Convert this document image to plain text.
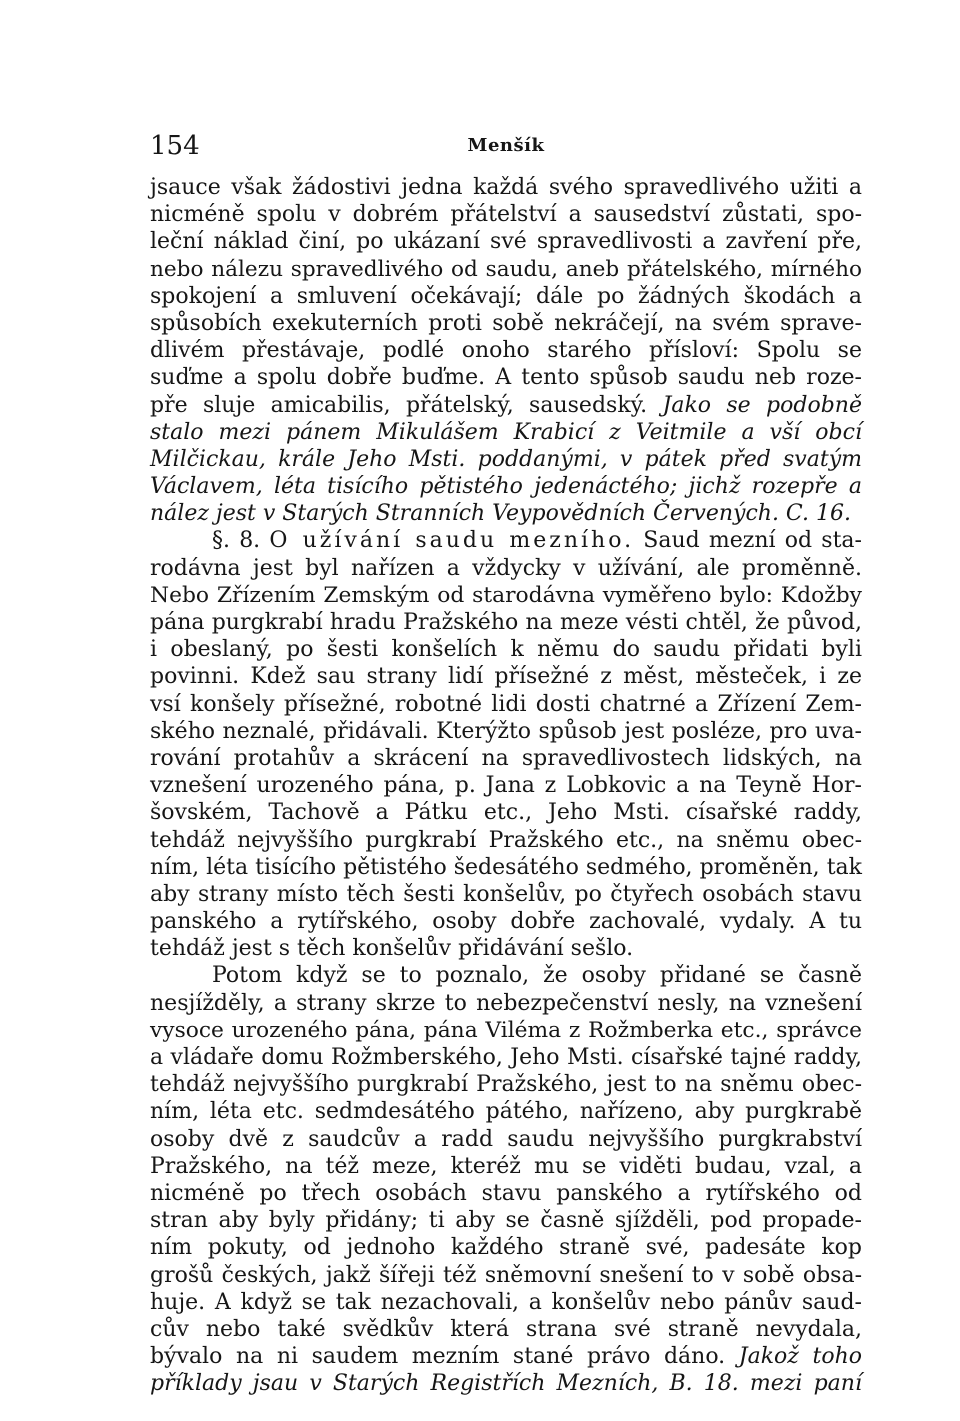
154	Menšík
jsauce však žádostivi jedna každá svého spravedlivého užiti a
nicméně spolu v dobrém přátelství a sausedství zůstati, spo-
leční náklad činí, po ukázaní své spravedlivosti a zavření pře,
nebo nálezu spravedlivého od saudu, aneb přátelského, mírného
spokojení a smluvení očekávají; dále po žádných škodách a
spůsobích exekuterních proti sobě nekráčejí, na svém sprave-
dlivém přestávaje, podlé onoho starého přísloví: Spolu se
suďme a spolu dobře buďme. A tento spůsob saudu neb roze-
pře sluje amicabilis, přátelský, sausedský. Jako se podobně
stalo mezi pánem Mikulášem Krabicí z Veitmile a vší obcí
Milčickau, krále Jeho Msti. poddanými, v pátek před svatým
Václavem, léta tisícího pětistého jedenáctého; jichž rozepře a
nález jest v Starých Stranních Veypovědních Červených. C. 16.
§. 8. O užívání saudu mezního. Saud mezní od sta-
rodávna jest byl nařízen a vždycky v užívání, ale proměnně.
Nebo Zřízením Zemským od starodávna vyměřeno bylo: Kdožby
pána purgkrabí hradu Pražského na meze vésti chtěl, že původ,
i obeslaný, po šesti konšelích k němu do saudu přidati byli
povinni. Kdež sau strany lidí přísežné z měst, městeček, i ze
vsí konšely přísežné, robotné lidi dosti chatrné a Zřízení Zem-
ského neznalé, přidávali. Kterýžto spůsob jest posléze, pro uva-
rování protahův a skrácení na spravedlivostech lidských, na
vznešení urozeného pána, p. Jana z Lobkovic a na Teyně Hor-
šovském, Tachově a Pátku etc., Jeho Msti. císařské raddy,
tehdáž nejvyššího purgkrabí Pražského etc., na sněmu obec-
ním, léta tisícího pětistého šedesátého sedmého, proměněn, tak
aby strany místo těch šesti konšelův, po čtyřech osobách stavu
panského a rytířského, osoby dobře zachovalé, vydaly. A tu
tehdáž jest s těch konšelův přidávání sešlo.
Potom když se to poznalo, že osoby přidané se časně
nesjížděly, a strany skrze to nebezpečenství nesly, na vznešení
vysoce urozeného pána, pána Viléma z Rožmberka etc., správce
a vládaře domu Rožmberského, Jeho Msti. císařské tajné raddy,
tehdáž nejvyššího purgkrabí Pražského, jest to na sněmu obec-
ním, léta etc. sedmdesátého pátého, nařízeno, aby purgkrabě
osoby dvě z saudcův a radd saudu nejvyššího purgkrabství
Pražského, na též meze, kteréž mu se viděti budau, vzal, a
nicméně po třech osobách stavu panského a rytířského od
stran aby byly přidány; ti aby se časně sjížděli, pod propade-
ním pokuty, od jednoho každého straně své, padesáte kop
grošů českých, jakž šířeji též sněmovní snešení to v sobě obsa-
huje. A když se tak nezachovali, a konšelův nebo pánův saud-
cův nebo také svědkův která strana své straně nevydala,
bývalo na ni saudem mezním stané právo dáno. Jakož toho
příklady jsau v Starých Registřích Mezních, B. 18. mezi paní
